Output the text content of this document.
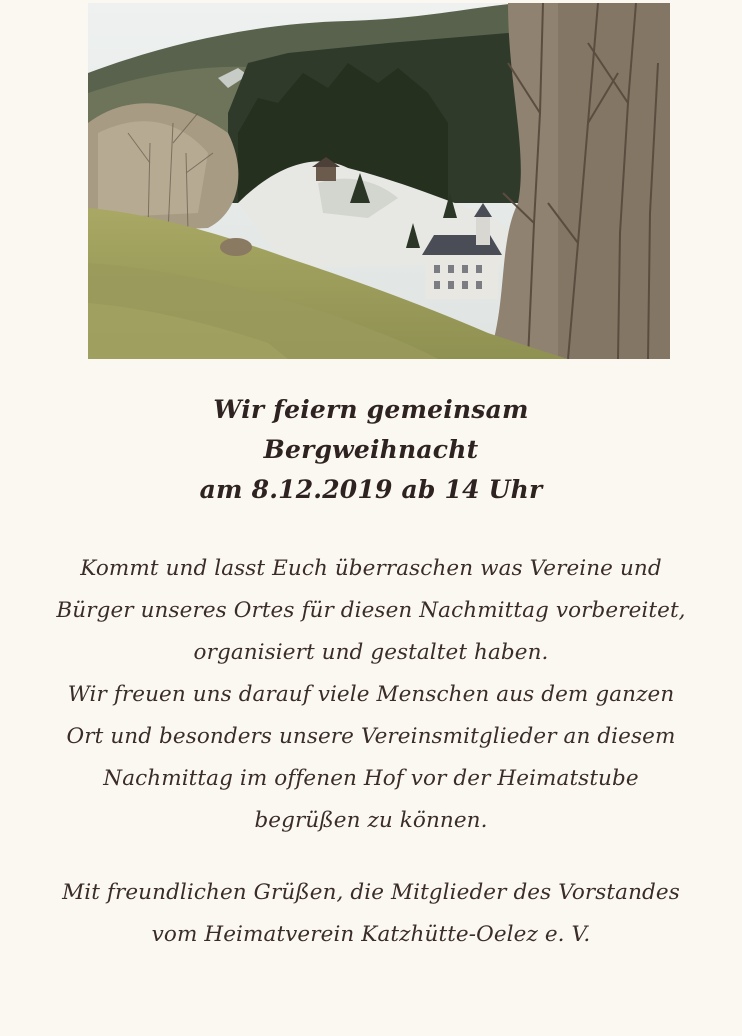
Wir feiern gemeinsam
Bergweihnacht
am 8.12.2019 ab 14 Uhr
Kommt und lasst Euch überraschen was Vereine und
Bürger unseres Ortes für diesen Nachmittag vorbereitet,
organisiert und gestaltet haben.
Wir freuen uns darauf viele Menschen aus dem ganzen
Ort und besonders unsere Vereinsmitglieder an diesem
Nachmittag im offenen Hof vor der Heimatstube
begrüßen zu können.
Mit freundlichen Grüßen, die Mitglieder des Vorstandes
vom Heimatverein Katzhütte-Oelez e. V.
